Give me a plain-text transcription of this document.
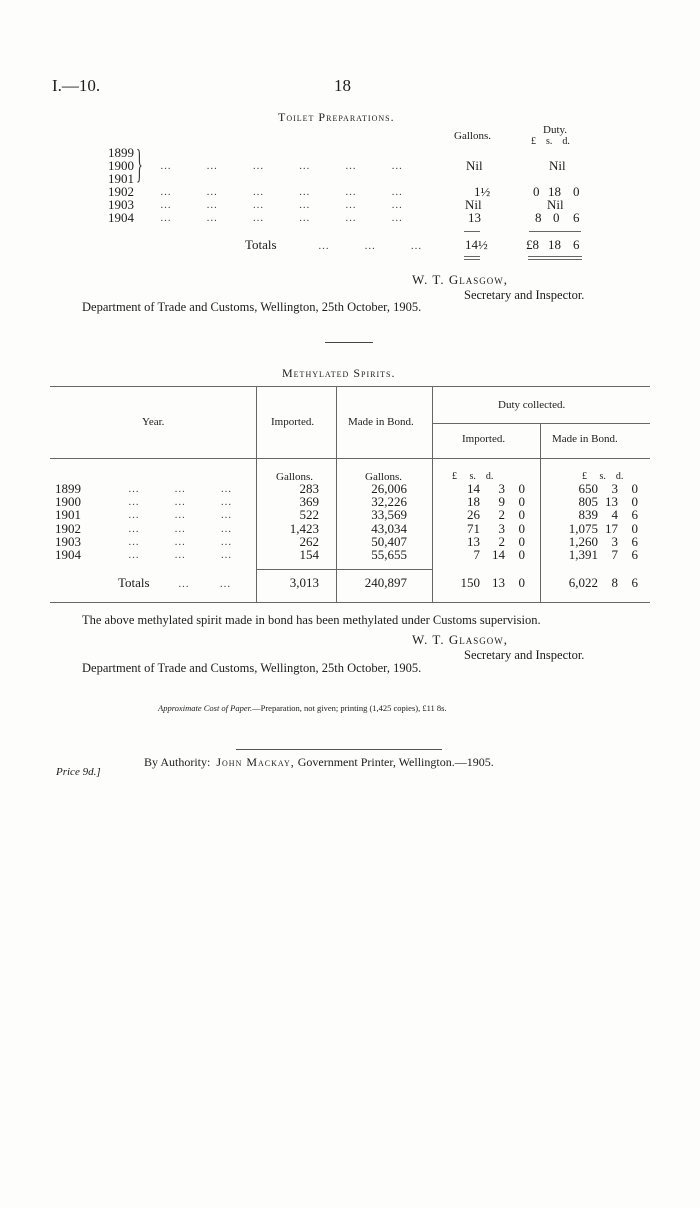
I.—10.	18
Toilet Preparations.
Gallons.	Duty.
£ s. d.
1899
1900
1901 } …       …       …       …       …       …	Nil	Nil
1902 …       …       …       …       …       …	1½	0 18 0
1903 …       …       …       …       …       …	Nil	Nil
1904 …       …       …       …       …       …	13	8 0 6
Totals	…       …       …	14½	£8 18 6
W. T. Glasgow,
Secretary and Inspector.
Department of Trade and Customs, Wellington, 25th October, 1905.
Methylated Spirits.
Year.	Imported.	Made in Bond.
Duty collected.
Imported.	Made in Bond.
Gallons.	Gallons.	£ s. d.	£ s. d.
1899	283	26,006	14 3 0	650 3 0
…       …       …
1900	369	32,226	18 9 0	805 13 0
…       …       …
1901	522	33,569	26 2 0	839 4 6
…       …       …
1902	1,423	43,034	71 3 0	1,075 17 0
…       …       …
1903	262	50,407	13 2 0	1,260 3 6
…       …       …
1904	154	55,655	7 14 0	1,391 7 6
…       …       …
Totals	…      …	3,013	240,897	150 13 0	6,022 8 6
The above methylated spirit made in bond has been methylated under Customs supervision.
W. T. Glasgow,
Secretary and Inspector.
Department of Trade and Customs, Wellington, 25th October, 1905.
Approximate Cost of Paper.—Preparation, not given; printing (1,425 copies), £11 8s.
By Authority: John Mackay, Government Printer, Wellington.—1905.
Price 9d.]
